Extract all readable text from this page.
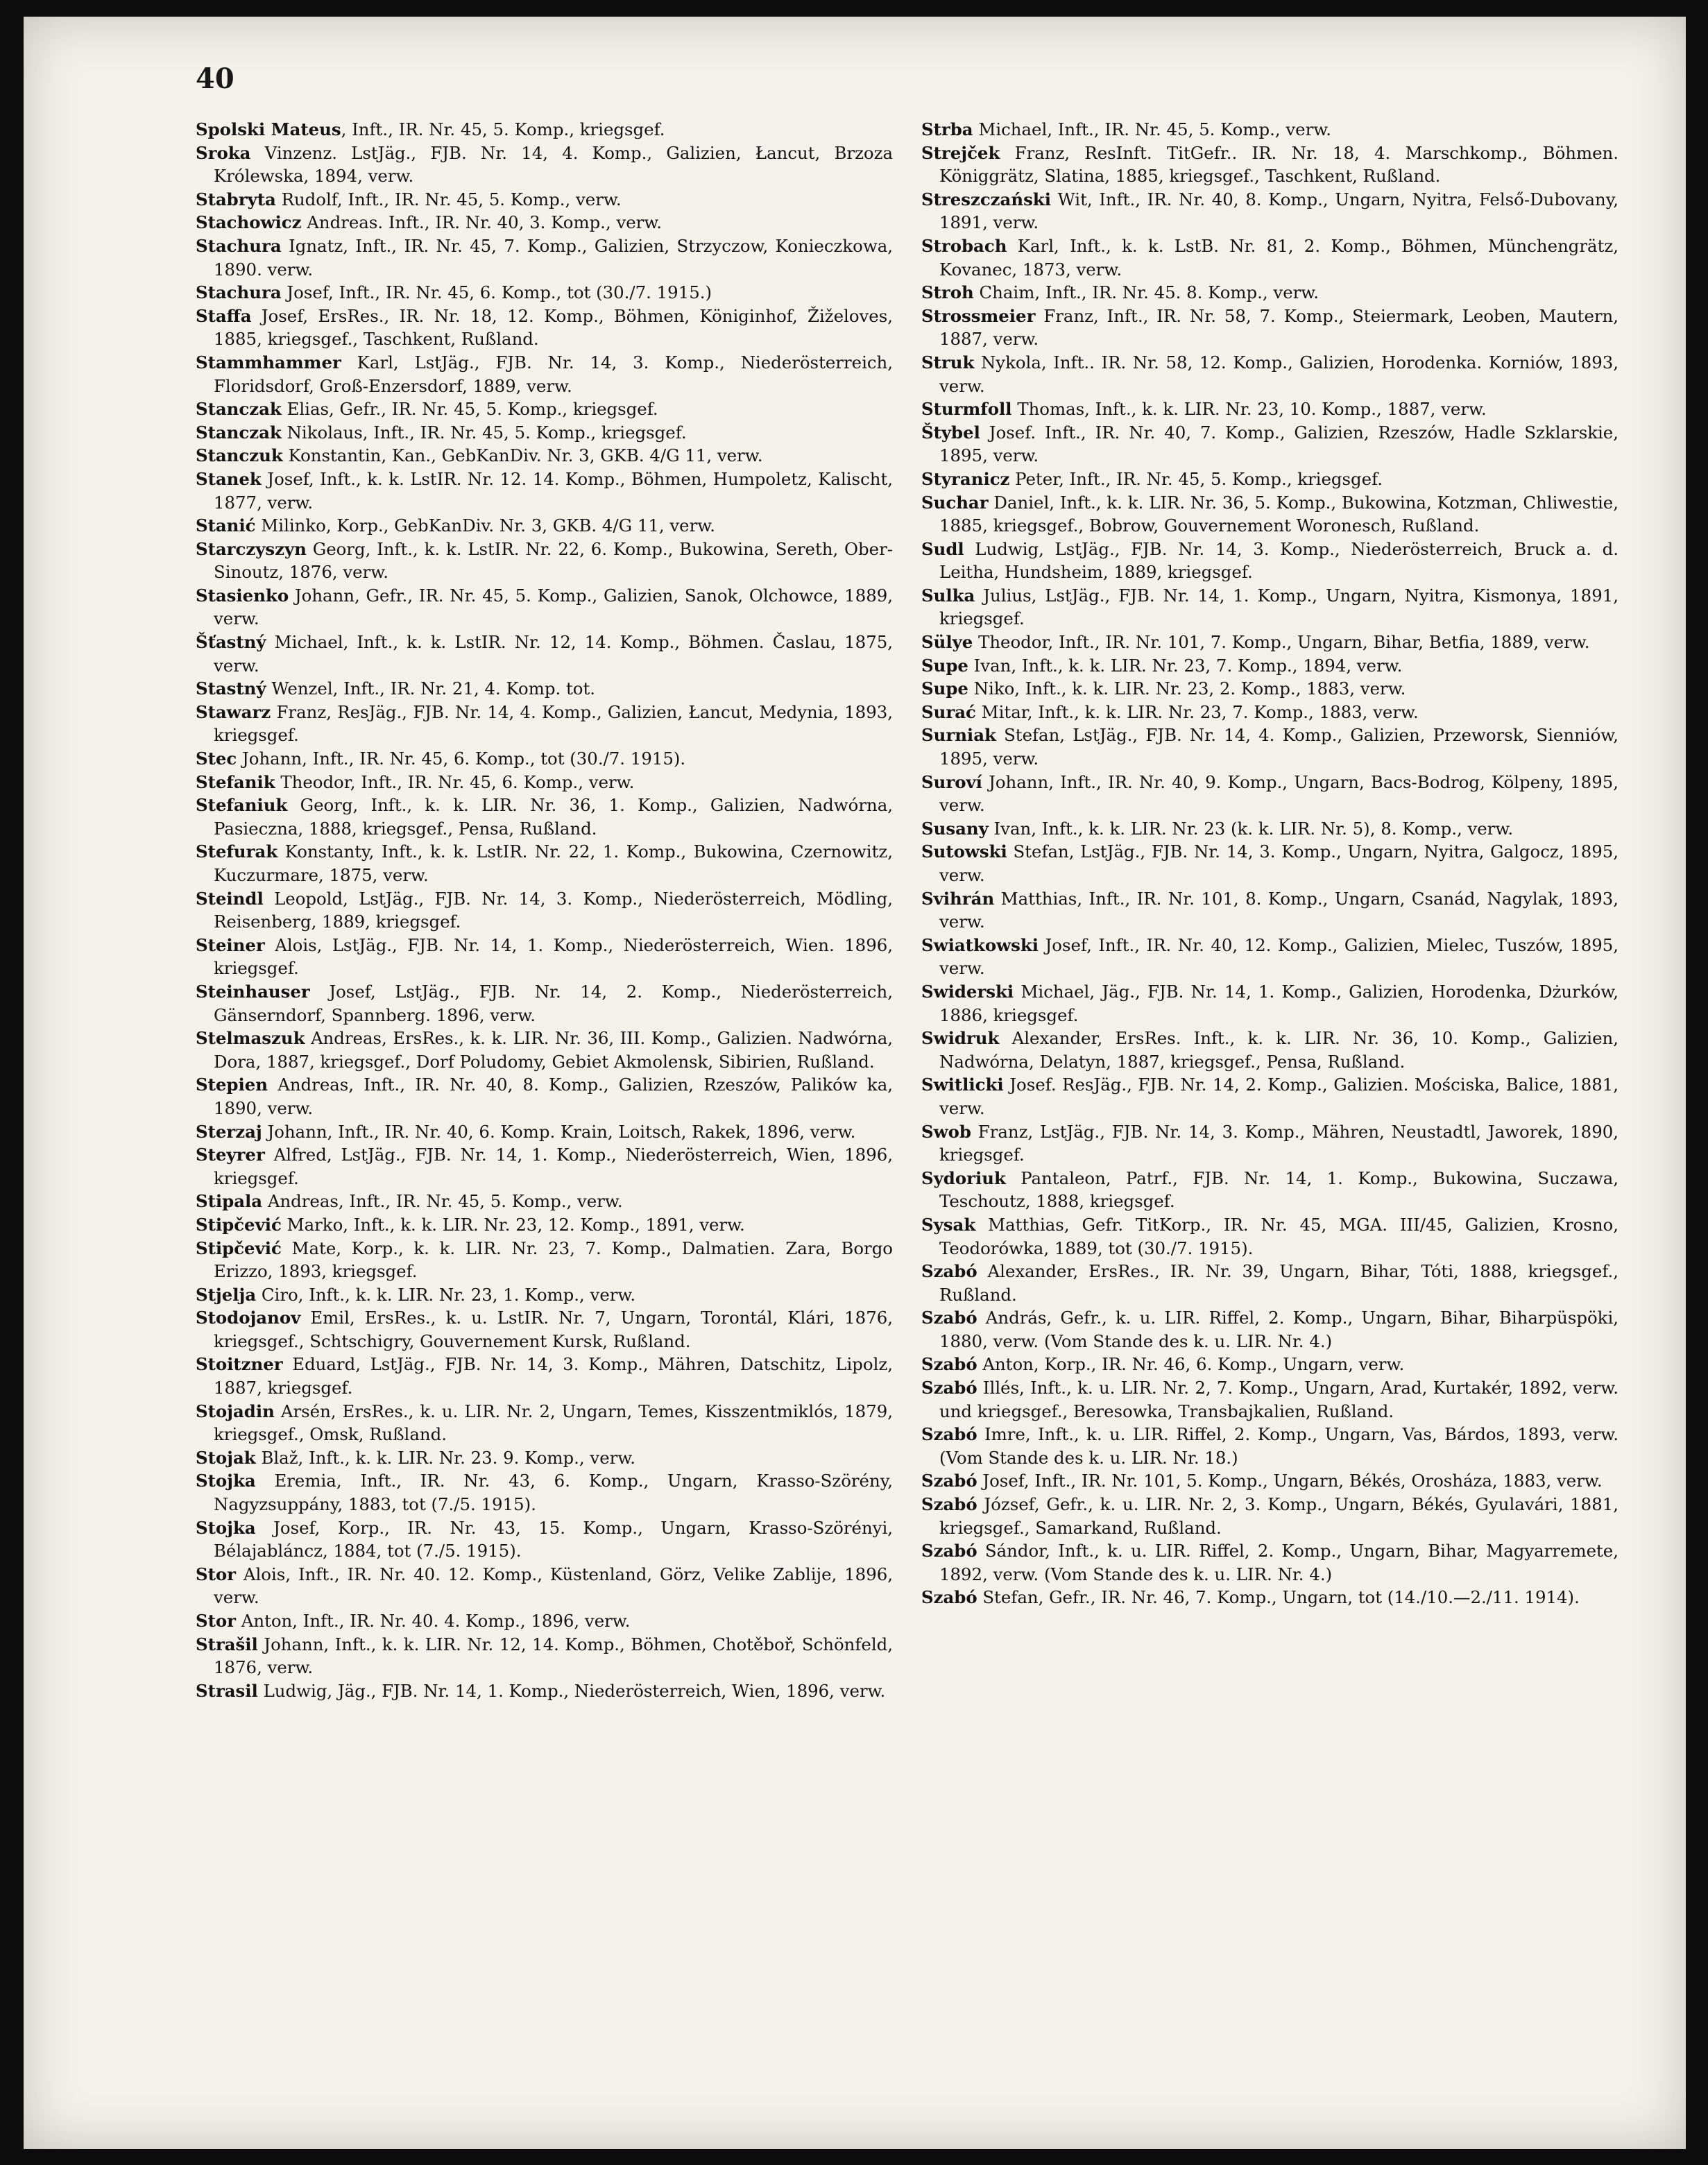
40

Spolski Mateus, Inft., IR. Nr. 45, 5. Komp., kriegsgef.

Sroka Vinzenz. LstJäg., FJB. Nr. 14, 4. Komp., Galizien, Łancut, Brzoza Królewska, 1894, verw.

Stabryta Rudolf, Inft., IR. Nr. 45, 5. Komp., verw.

Stachowicz Andreas. Inft., IR. Nr. 40, 3. Komp., verw.

Stachura Ignatz, Inft., IR. Nr. 45, 7. Komp., Galizien, Strzyczow, Konieczkowa, 1890. verw.

Stachura Josef, Inft., IR. Nr. 45, 6. Komp., tot (30./7. 1915.)

Staffa Josef, ErsRes., IR. Nr. 18, 12. Komp., Böhmen, Königinhof, Žiželoves, 1885, kriegsgef., Taschkent, Rußland.

Stammhammer Karl, LstJäg., FJB. Nr. 14, 3. Komp., Niederösterreich, Floridsdorf, Groß-Enzersdorf, 1889, verw.

Stanczak Elias, Gefr., IR. Nr. 45, 5. Komp., kriegsgef.

Stanczak Nikolaus, Inft., IR. Nr. 45, 5. Komp., kriegsgef.

Stanczuk Konstantin, Kan., GebKanDiv. Nr. 3, GKB. 4/G 11, verw.

Stanek Josef, Inft., k. k. LstIR. Nr. 12. 14. Komp., Böhmen, Humpoletz, Kalischt, 1877, verw.

Stanić Milinko, Korp., GebKanDiv. Nr. 3, GKB. 4/G 11, verw.

Starczyszyn Georg, Inft., k. k. LstIR. Nr. 22, 6. Komp., Bukowina, Sereth, Ober-Sinoutz, 1876, verw.

Stasienko Johann, Gefr., IR. Nr. 45, 5. Komp., Galizien, Sanok, Olchowce, 1889, verw.

Šťastný Michael, Inft., k. k. LstIR. Nr. 12, 14. Komp., Böhmen. Časlau, 1875, verw.

Stastný Wenzel, Inft., IR. Nr. 21, 4. Komp. tot.

Stawarz Franz, ResJäg., FJB. Nr. 14, 4. Komp., Galizien, Łancut, Medynia, 1893, kriegsgef.

Stec Johann, Inft., IR. Nr. 45, 6. Komp., tot (30./7. 1915).

Stefanik Theodor, Inft., IR. Nr. 45, 6. Komp., verw.

Stefaniuk Georg, Inft., k. k. LIR. Nr. 36, 1. Komp., Galizien, Nadwórna, Pasieczna, 1888, kriegsgef., Pensa, Rußland.

Stefurak Konstanty, Inft., k. k. LstIR. Nr. 22, 1. Komp., Bukowina, Czernowitz, Kuczurmare, 1875, verw.

Steindl Leopold, LstJäg., FJB. Nr. 14, 3. Komp., Niederösterreich, Mödling, Reisenberg, 1889, kriegsgef.

Steiner Alois, LstJäg., FJB. Nr. 14, 1. Komp., Niederösterreich, Wien. 1896, kriegsgef.

Steinhauser Josef, LstJäg., FJB. Nr. 14, 2. Komp., Niederösterreich, Gänserndorf, Spannberg. 1896, verw.

Stelmaszuk Andreas, ErsRes., k. k. LIR. Nr. 36, III. Komp., Galizien. Nadwórna, Dora, 1887, kriegsgef., Dorf Poludomy, Gebiet Akmolensk, Sibirien, Rußland.

Stepien Andreas, Inft., IR. Nr. 40, 8. Komp., Galizien, Rzeszów, Palików ka, 1890, verw.

Sterzaj Johann, Inft., IR. Nr. 40, 6. Komp. Krain, Loitsch, Rakek, 1896, verw.

Steyrer Alfred, LstJäg., FJB. Nr. 14, 1. Komp., Niederösterreich, Wien, 1896, kriegsgef.

Stipala Andreas, Inft., IR. Nr. 45, 5. Komp., verw.

Stipčević Marko, Inft., k. k. LIR. Nr. 23, 12. Komp., 1891, verw.

Stipčević Mate, Korp., k. k. LIR. Nr. 23, 7. Komp., Dalmatien. Zara, Borgo Erizzo, 1893, kriegsgef.

Stjelja Ciro, Inft., k. k. LIR. Nr. 23, 1. Komp., verw.

Stodojanov Emil, ErsRes., k. u. LstIR. Nr. 7, Ungarn, Torontál, Klári, 1876, kriegsgef., Schtschigry, Gouvernement Kursk, Rußland.

Stoitzner Eduard, LstJäg., FJB. Nr. 14, 3. Komp., Mähren, Datschitz, Lipolz, 1887, kriegsgef.

Stojadin Arsén, ErsRes., k. u. LIR. Nr. 2, Ungarn, Temes, Kisszentmiklós, 1879, kriegsgef., Omsk, Rußland.

Stojak Blaž, Inft., k. k. LIR. Nr. 23. 9. Komp., verw.

Stojka Eremia, Inft., IR. Nr. 43, 6. Komp., Ungarn, Krasso-Szörény, Nagyzsuppány, 1883, tot (7./5. 1915).

Stojka Josef, Korp., IR. Nr. 43, 15. Komp., Ungarn, Krasso-Szörényi, Bélajabláncz, 1884, tot (7./5. 1915).

Stor Alois, Inft., IR. Nr. 40. 12. Komp., Küstenland, Görz, Velike Zablije, 1896, verw.

Stor Anton, Inft., IR. Nr. 40. 4. Komp., 1896, verw.

Strašil Johann, Inft., k. k. LIR. Nr. 12, 14. Komp., Böhmen, Chotěboř, Schönfeld, 1876, verw.

Strasil Ludwig, Jäg., FJB. Nr. 14, 1. Komp., Niederösterreich, Wien, 1896, verw.

Strba Michael, Inft., IR. Nr. 45, 5. Komp., verw.

Strejček Franz, ResInft. TitGefr.. IR. Nr. 18, 4. Marschkomp., Böhmen. Königgrätz, Slatina, 1885, kriegsgef., Taschkent, Rußland.

Streszczański Wit, Inft., IR. Nr. 40, 8. Komp., Ungarn, Nyitra, Felső-Dubovany, 1891, verw.

Strobach Karl, Inft., k. k. LstB. Nr. 81, 2. Komp., Böhmen, Münchengrätz, Kovanec, 1873, verw.

Stroh Chaim, Inft., IR. Nr. 45. 8. Komp., verw.

Strossmeier Franz, Inft., IR. Nr. 58, 7. Komp., Steiermark, Leoben, Mautern, 1887, verw.

Struk Nykola, Inft.. IR. Nr. 58, 12. Komp., Galizien, Horodenka. Korniów, 1893, verw.

Sturmfoll Thomas, Inft., k. k. LIR. Nr. 23, 10. Komp., 1887, verw.

Štybel Josef. Inft., IR. Nr. 40, 7. Komp., Galizien, Rzeszów, Hadle Szklarskie, 1895, verw.

Styranicz Peter, Inft., IR. Nr. 45, 5. Komp., kriegsgef.

Suchar Daniel, Inft., k. k. LIR. Nr. 36, 5. Komp., Bukowina, Kotzman, Chliwestie, 1885, kriegsgef., Bobrow, Gouvernement Woronesch, Rußland.

Sudl Ludwig, LstJäg., FJB. Nr. 14, 3. Komp., Niederösterreich, Bruck a. d. Leitha, Hundsheim, 1889, kriegsgef.

Sulka Julius, LstJäg., FJB. Nr. 14, 1. Komp., Ungarn, Nyitra, Kismonya, 1891, kriegsgef.

Sülye Theodor, Inft., IR. Nr. 101, 7. Komp., Ungarn, Bihar, Betfia, 1889, verw.

Supe Ivan, Inft., k. k. LIR. Nr. 23, 7. Komp., 1894, verw.

Supe Niko, Inft., k. k. LIR. Nr. 23, 2. Komp., 1883, verw.

Surać Mitar, Inft., k. k. LIR. Nr. 23, 7. Komp., 1883, verw.

Surniak Stefan, LstJäg., FJB. Nr. 14, 4. Komp., Galizien, Przeworsk, Sienniów, 1895, verw.

Suroví Johann, Inft., IR. Nr. 40, 9. Komp., Ungarn, Bacs-Bodrog, Kölpeny, 1895, verw.

Susany Ivan, Inft., k. k. LIR. Nr. 23 (k. k. LIR. Nr. 5), 8. Komp., verw.

Sutowski Stefan, LstJäg., FJB. Nr. 14, 3. Komp., Ungarn, Nyitra, Galgocz, 1895, verw.

Svihrán Matthias, Inft., IR. Nr. 101, 8. Komp., Ungarn, Csanád, Nagylak, 1893, verw.

Swiatkowski Josef, Inft., IR. Nr. 40, 12. Komp., Galizien, Mielec, Tuszów, 1895, verw.

Swiderski Michael, Jäg., FJB. Nr. 14, 1. Komp., Galizien, Horodenka, Dżurków, 1886, kriegsgef.

Swidruk Alexander, ErsRes. Inft., k. k. LIR. Nr. 36, 10. Komp., Galizien, Nadwórna, Delatyn, 1887, kriegsgef., Pensa, Rußland.

Switlicki Josef. ResJäg., FJB. Nr. 14, 2. Komp., Galizien. Mościska, Balice, 1881, verw.

Swob Franz, LstJäg., FJB. Nr. 14, 3. Komp., Mähren, Neustadtl, Jaworek, 1890, kriegsgef.

Sydoriuk Pantaleon, Patrf., FJB. Nr. 14, 1. Komp., Bukowina, Suczawa, Teschoutz, 1888, kriegsgef.

Sysak Matthias, Gefr. TitKorp., IR. Nr. 45, MGA. III/45, Galizien, Krosno, Teodorówka, 1889, tot (30./7. 1915).

Szabó Alexander, ErsRes., IR. Nr. 39, Ungarn, Bihar, Tóti, 1888, kriegsgef., Rußland.

Szabó András, Gefr., k. u. LIR. Riffel, 2. Komp., Ungarn, Bihar, Biharpüspöki, 1880, verw. (Vom Stande des k. u. LIR. Nr. 4.)

Szabó Anton, Korp., IR. Nr. 46, 6. Komp., Ungarn, verw.

Szabó Illés, Inft., k. u. LIR. Nr. 2, 7. Komp., Ungarn, Arad, Kurtakér, 1892, verw. und kriegsgef., Beresowka, Transbajkalien, Rußland.

Szabó Imre, Inft., k. u. LIR. Riffel, 2. Komp., Ungarn, Vas, Bárdos, 1893, verw. (Vom Stande des k. u. LIR. Nr. 18.)

Szabó Josef, Inft., IR. Nr. 101, 5. Komp., Ungarn, Békés, Orosháza, 1883, verw.

Szabó József, Gefr., k. u. LIR. Nr. 2, 3. Komp., Ungarn, Békés, Gyulavári, 1881, kriegsgef., Samarkand, Rußland.

Szabó Sándor, Inft., k. u. LIR. Riffel, 2. Komp., Ungarn, Bihar, Magyarremete, 1892, verw. (Vom Stande des k. u. LIR. Nr. 4.)

Szabó Stefan, Gefr., IR. Nr. 46, 7. Komp., Ungarn, tot (14./10.—2./11. 1914).
